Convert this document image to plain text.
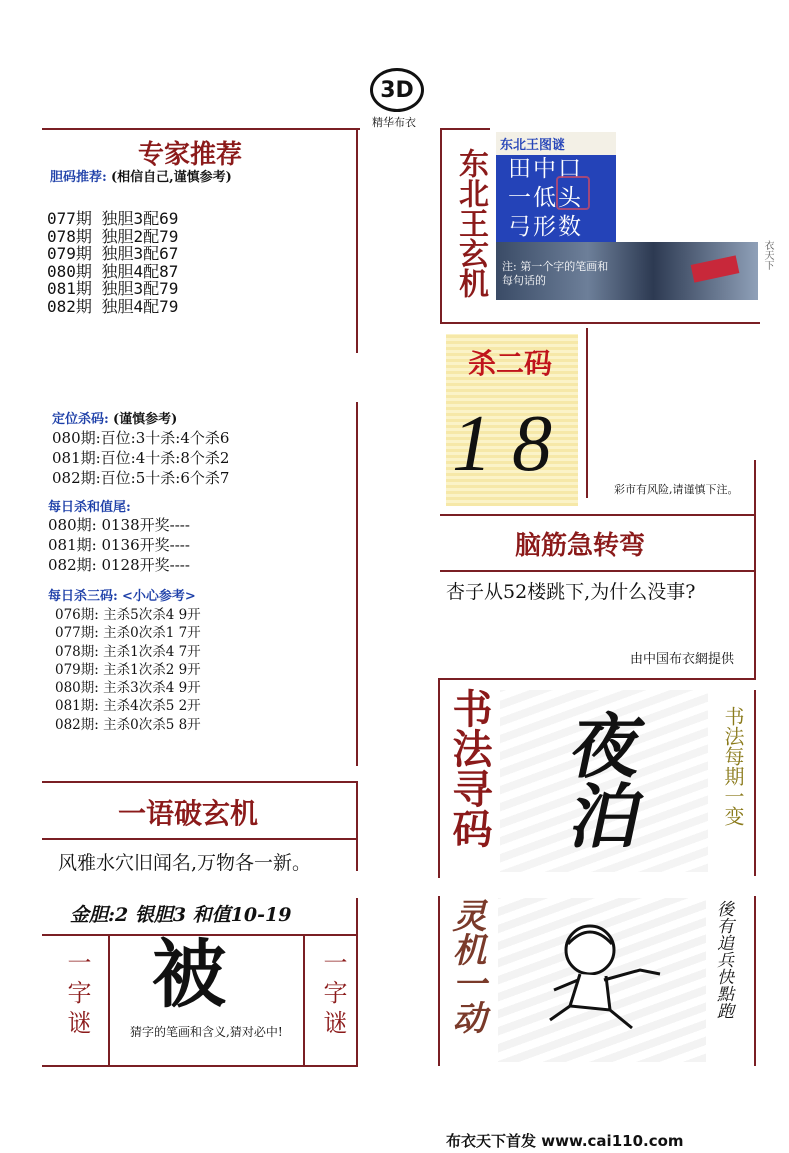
3D
精华布衣
专家推荐
胆码推荐: (相信自己,谨慎参考)
077期 独胆3配69
078期 独胆2配79
079期 独胆3配67
080期 独胆4配87
081期 独胆3配79
082期 独胆4配79
定位杀码: (谨慎参考)
080期:百位:3十杀:4个杀6
081期:百位:4十杀:8个杀2
082期:百位:5十杀:6个杀7
每日杀和值尾:
080期: 0138开奖----
081期: 0136开奖----
082期: 0128开奖----
每日杀三码: <小心参考>
076期: 主杀5次杀4 9开
077期: 主杀0次杀1 7开
078期: 主杀1次杀4 7开
079期: 主杀1次杀2 9开
080期: 主杀3次杀4 9开
081期: 主杀4次杀5 2开
082期: 主杀0次杀5 8开
一语破玄机
风雅水穴旧闻名,万物各一新。
金胆:2 银胆3 和值10-19
一字谜	一字谜
被
猜字的笔画和含义,猜对必中!
东北王玄机
东北王图谜
田中口
一低头
弓形数
注: 第一个字的笔画和每句话的
衣天下
杀二码
1 8
彩市有风险,请谨慎下注。
脑筋急转弯
杏子从52楼跳下,为什么没事?
由中国布衣網提供
书法寻码 夜
泊	书法每期一变
灵机一动	後有追兵快點跑
布衣天下首发 www.cai110.com
